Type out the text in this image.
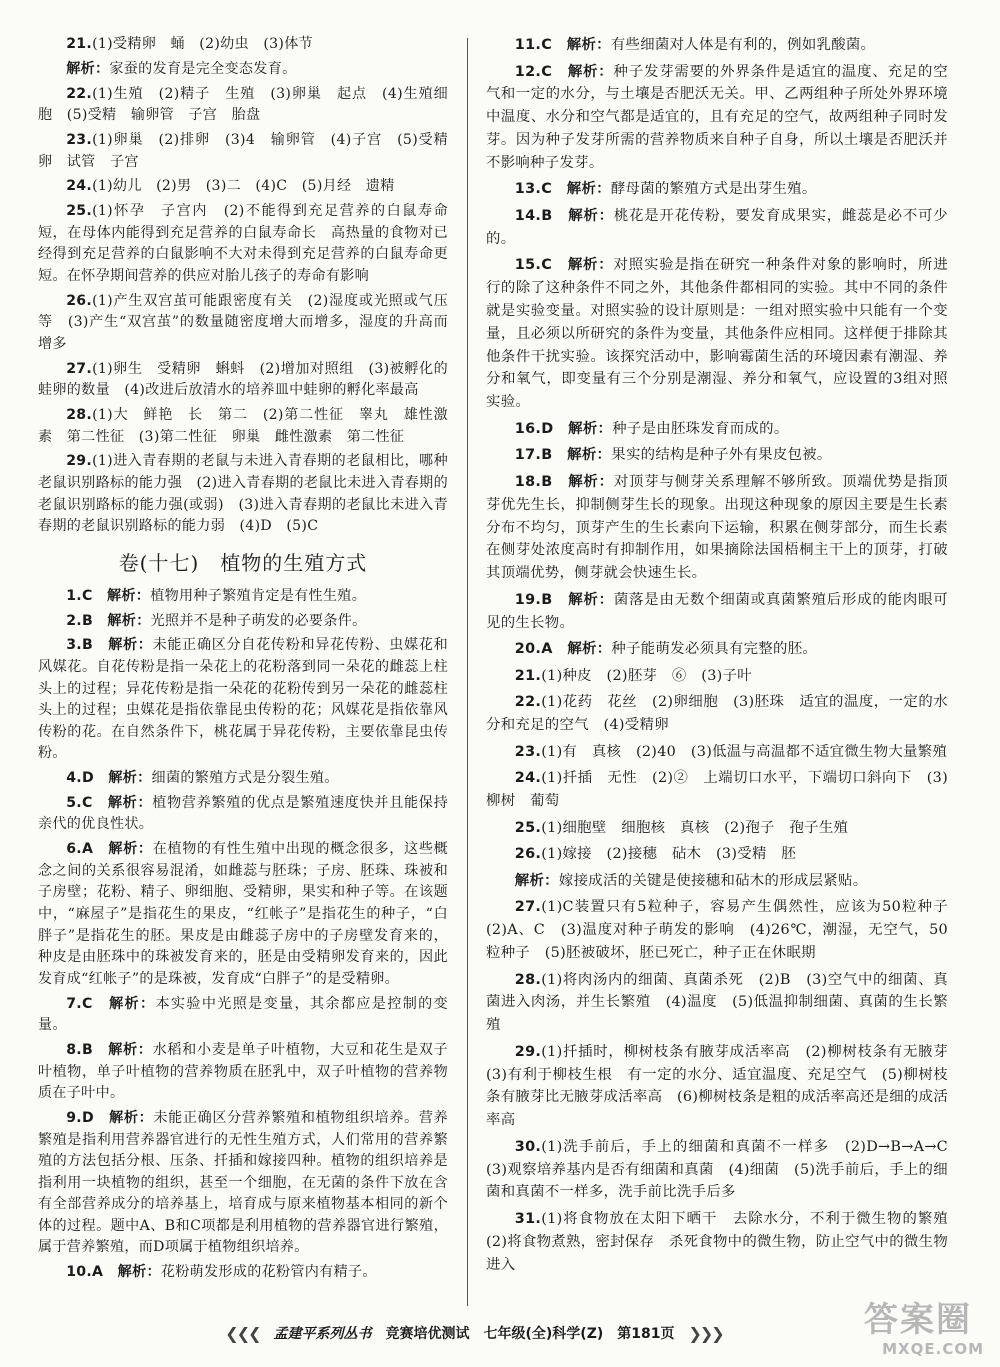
21.(1)受精卵　蛹　(2)幼虫　(3)体节

解析：家蚕的发育是完全变态发育。

22.(1)生殖　(2)精子　生殖　(3)卵巢　起点　(4)生殖细胞　(5)受精　输卵管　子宫　胎盘

23.(1)卵巢　(2)排卵　(3)4　输卵管　(4)子宫　(5)受精卵　试管　子宫

24.(1)幼儿　(2)男　(3)二　(4)C　(5)月经　遗精

25.(1)怀孕　子宫内　(2)不能得到充足营养的白鼠寿命短，在母体内能得到充足营养的白鼠寿命长　高热量的食物对已经得到充足营养的白鼠影响不大对未得到充足营养的白鼠寿命更短。在怀孕期间营养的供应对胎儿孩子的寿命有影响

26.(1)产生双宫茧可能跟密度有关　(2)湿度或光照或气压等　(3)产生“双宫茧”的数量随密度增大而增多，湿度的升高而增多

27.(1)卵生　受精卵　蝌蚪　(2)增加对照组　(3)被孵化的蛙卵的数量　(4)改进后放清水的培养皿中蛙卵的孵化率最高

28.(1)大　鲜艳　长　第二　(2)第二性征　睾丸　雄性激素　第二性征　(3)第二性征　卵巢　雌性激素　第二性征

29.(1)进入青春期的老鼠与未进入青春期的老鼠相比，哪种老鼠识别路标的能力强　(2)进入青春期的老鼠比未进入青春期的老鼠识别路标的能力强(或弱)　(3)进入青春期的老鼠比未进入青春期的老鼠识别路标的能力弱　(4)D　(5)C

卷(十七)　植物的生殖方式

1.C　 解析：植物用种子繁殖肯定是有性生殖。

2.B　 解析：光照并不是种子萌发的必要条件。

3.B　 解析：未能正确区分自花传粉和异花传粉、虫媒花和风媒花。自花传粉是指一朵花上的花粉落到同一朵花的雌蕊上柱头上的过程；异花传粉是指一朵花的花粉传到另一朵花的雌蕊柱头上的过程；虫媒花是指依靠昆虫传粉的花；风媒花是指依靠风传粉的花。在自然条件下，桃花属于异花传粉，主要依靠昆虫传粉。

4.D　 解析：细菌的繁殖方式是分裂生殖。

5.C　 解析：植物营养繁殖的优点是繁殖速度快并且能保持亲代的优良性状。

6.A　 解析：在植物的有性生殖中出现的概念很多，这些概念之间的关系很容易混淆，如雌蕊与胚珠；子房、胚珠、珠被和子房壁；花粉、精子、卵细胞、受精卵，果实和种子等。在该题中，“麻屋子”是指花生的果皮，“红帐子”是指花生的种子，“白胖子”是指花生的胚。果皮是由雌蕊子房中的子房壁发育来的，种皮是由胚珠中的珠被发育来的，胚是由受精卵发育来的，因此发育成“红帐子”的是珠被，发育成“白胖子”的是受精卵。

7.C　 解析：本实验中光照是变量，其余都应是控制的变量。

8.B　 解析：水稻和小麦是单子叶植物，大豆和花生是双子叶植物，单子叶植物的营养物质在胚乳中，双子叶植物的营养物质在子叶中。

9.D　 解析：未能正确区分营养繁殖和植物组织培养。营养繁殖是指利用营养器官进行的无性生殖方式，人们常用的营养繁殖的方法包括分根、压条、扦插和嫁接四种。植物的组织培养是指利用一块植物的组织，甚至一个细胞，在无菌的条件下放在含有全部营养成分的培养基上，培育成与原来植物基本相同的新个体的过程。题中A、B和C项都是利用植物的营养器官进行繁殖，属于营养繁殖，而D项属于植物组织培养。

10.A　 解析：花粉萌发形成的花粉管内有精子。

11.C　 解析：有些细菌对人体是有利的，例如乳酸菌。

12.C　 解析：种子发芽需要的外界条件是适宜的温度、充足的空气和一定的水分，与土壤是否肥沃无关。甲、乙两组种子所处外界环境中温度、水分和空气都是适宜的，且有充足的空气，故两组种子同时发芽。因为种子发芽所需的营养物质来自种子自身，所以土壤是否肥沃并不影响种子发芽。

13.C　 解析：酵母菌的繁殖方式是出芽生殖。

14.B　 解析：桃花是开花传粉，要发育成果实，雌蕊是必不可少的。

15.C　 解析：对照实验是指在研究一种条件对象的影响时，所进行的除了这种条件不同之外，其他条件都相同的实验。其中不同的条件就是实验变量。对照实验的设计原则是：一组对照实验中只能有一个变量，且必须以所研究的条件为变量，其他条件应相同。这样便于排除其他条件干扰实验。该探究活动中，影响霉菌生活的环境因素有潮湿、养分和氧气，即变量有三个分别是潮湿、养分和氧气，应设置的3组对照实验。

16.D　 解析：种子是由胚珠发育而成的。

17.B　 解析：果实的结构是种子外有果皮包被。

18.B　 解析：对顶芽与侧芽关系理解不够所致。顶端优势是指顶芽优先生长，抑制侧芽生长的现象。出现这种现象的原因主要是生长素分布不均匀，顶芽产生的生长素向下运输，积累在侧芽部分，而生长素在侧芽处浓度高时有抑制作用，如果摘除法国梧桐主干上的顶芽，打破其顶端优势，侧芽就会快速生长。

19.B　 解析：菌落是由无数个细菌或真菌繁殖后形成的能肉眼可见的生长物。

20.A　 解析：种子能萌发必须具有完整的胚。

21.(1)种皮　(2)胚芽　⑥　(3)子叶

22.(1)花药　花丝　(2)卵细胞　(3)胚珠　适宜的温度，一定的水分和充足的空气　(4)受精卵

23.(1)有　真核　(2)40　(3)低温与高温都不适宜微生物大量繁殖

24.(1)扦插　无性　(2)②　上端切口水平，下端切口斜向下　(3)柳树　葡萄

25.(1)细胞壁　细胞核　真核　(2)孢子　孢子生殖

26.(1)嫁接　(2)接穗　砧木　(3)受精　胚

解析：嫁接成活的关键是使接穗和砧木的形成层紧贴。

27.(1)C装置只有5粒种子，容易产生偶然性，应该为50粒种子　(2)A、C　(3)温度对种子萌发的影响　(4)26℃，潮湿，无空气，50粒种子　(5)胚被破坏，胚已死亡，种子正在休眠期

28.(1)将肉汤内的细菌、真菌杀死　(2)B　(3)空气中的细菌、真菌进入肉汤，并生长繁殖　(4)温度　(5)低温抑制细菌、真菌的生长繁殖

29.(1)扦插时，柳树枝条有腋芽成活率高　(2)柳树枝条有无腋芽　(3)有利于柳枝生根　有一定的水分、适宜温度、充足空气　(5)柳树枝条有腋芽比无腋芽成活率高　(6)柳树枝条是粗的成活率高还是细的成活率高

30.(1)洗手前后，手上的细菌和真菌不一样多　(2)D→B→A→C　(3)观察培养基内是否有细菌和真菌　(4)细菌　(5)洗手前后，手上的细菌和真菌不一样多，洗手前比洗手后多

31.(1)将食物放在太阳下晒干　去除水分，不利于微生物的繁殖　(2)将食物煮熟，密封保存　杀死食物中的微生物，防止空气中的微生物进入

❮❮❮ 孟建平系列丛书 竞赛培优测试 七年级(全)科学(Z) 第181页 ❯❯❯	答案圈
MXQE.COM
